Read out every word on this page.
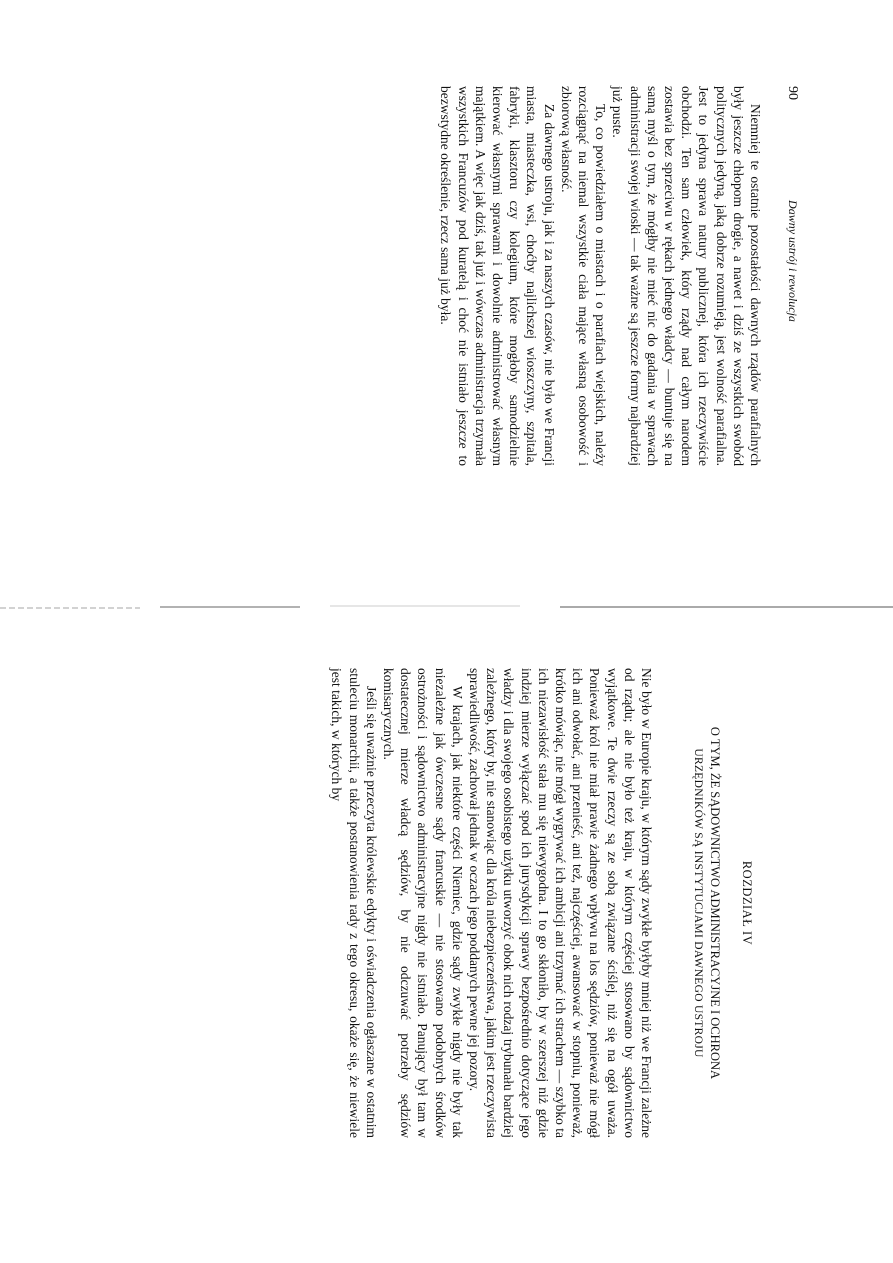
90
Dawny ustrój i rewolucja

Niemniej te ostatnie pozostałości dawnych rządów parafialnych były jeszcze chłopom drogie, a nawet i dziś ze wszystkich swobód politycznych jedyną, jaką dobrze rozumieją, jest wolność parafialna. Jest to jedyna sprawa natury publicznej, która ich rzeczywiście obchodzi. Ten sam człowiek, który rządy nad całym narodem zostawia bez sprzeciwu w rękach jednego władcy — buntuje się na samą myśl o tym, że mógłby nie mieć nic do gadania w sprawach administracji swojej wioski — tak ważne są jeszcze formy najbardziej już puste.

To, co powiedziałem o miastach i o parafiach wiejskich, należy rozciągnąć na niemal wszystkie ciała mające własną osobowość i zbiorową własność.

Za dawnego ustroju, jak i za naszych czasów, nie było we Francji miasta, miasteczka, wsi, choćby najlichszej wioszczyny, szpitala, fabryki, klasztoru czy kolegium, które mogłoby samodzielnie kierować własnymi sprawami i dowolnie administrować własnym majątkiem. A więc jak dziś, tak już i wówczas administracja trzymała wszystkich Francuzów pod kuratelą i choć nie istniało jeszcze to bezwstydne określenie, rzecz sama już była.

ROZDZIAŁ IV
O TYM, ŻE SĄDOWNICTWO ADMINISTRACYJNE I OCHRONA
URZĘDNIKÓW SĄ INSTYTUCJAMI DAWNEGO USTROJU

Nie było w Europie kraju, w którym sądy zwykłe byłyby mniej niż we Francji zależne od rządu; ale nie było też kraju, w którym częściej stosowano by sądownictwo wyjątkowe. Te dwie rzeczy są ze sobą związane ściślej, niż się na ogół uważa. Ponieważ król nie miał prawie żadnego wpływu na los sędziów, ponieważ nie mógł ich ani odwołać, ani przenieść, ani też, najczęściej, awansować w stopniu, ponieważ, krótko mówiąc, nie mógł wygrywać ich ambicji ani trzymać ich strachem — szybko ta ich niezawisłość stała mu się niewygodna. I to go skłoniło, by w szerszej niż gdzie indziej mierze wyłączać spod ich jurysdykcji sprawy bezpośrednio dotyczące jego władzy i dla swojego osobistego użytku utworzyć obok nich rodzaj trybunału bardziej zależnego, który by, nie stanowiąc dla króla niebezpieczeństwa, jakim jest rzeczywista sprawiedliwość, zachował jednak w oczach jego poddanych pewne jej pozory.

W krajach, jak niektóre części Niemiec, gdzie sądy zwykłe nigdy nie były tak niezależne jak ówczesne sądy francuskie — nie stosowano podobnych środków ostrożności i sądownictwo administracyjne nigdy nie istniało. Panujący był tam w dostatecznej mierze władcą sędziów, by nie odczuwać potrzeby sędziów komisarycznych.

Jeśli się uważnie przeczyta królewskie edykty i oświadczenia ogłaszane w ostatnim stuleciu monarchii, a także postanowienia rady z tego okresu, okaże się, że niewiele jest takich, w których by
